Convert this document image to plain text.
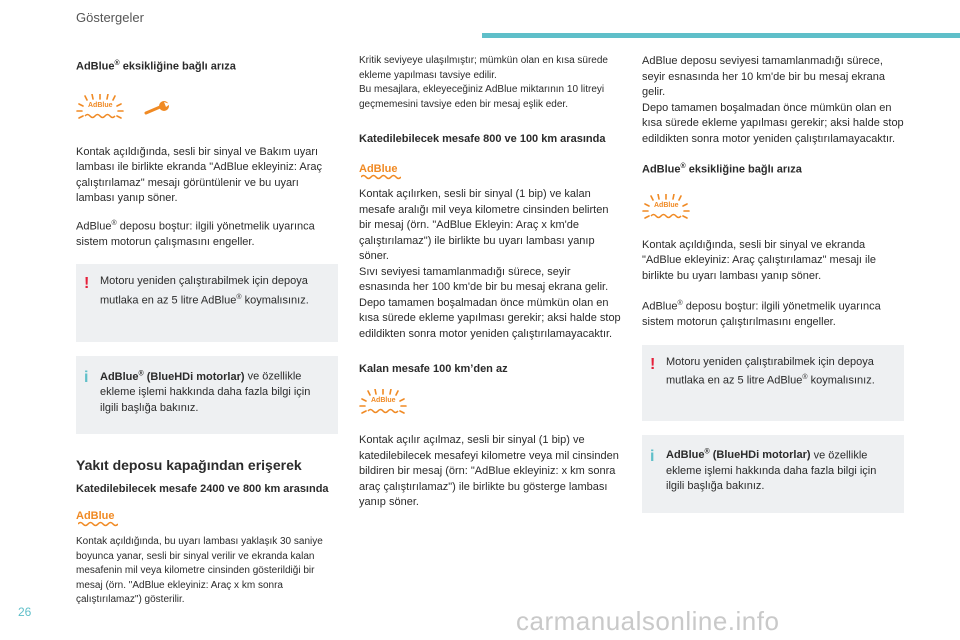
Göstergeler
AdBlue® eksikliğine bağlı arıza
AdBlue

Kontak açıldığında, sesli bir sinyal ve Bakım uyarı lambası ile birlikte ekranda "AdBlue ekleyiniz: Araç çalıştırılamaz" mesajı görüntülenir ve bu uyarı lambası yanıp söner.

AdBlue® deposu boştur: ilgili yönetmelik uyarınca sistem motorun çalışmasını engeller.

! Motoru yeniden çalıştırabilmek için depoya mutlaka en az 5 litre AdBlue® koymalısınız.

i AdBlue® (BlueHDi motorlar) ve özellikle ekleme işlemi hakkında daha fazla bilgi için ilgili başlığa bakınız.

Yakıt deposu kapağından erişerek
Katedilebilecek mesafe 2400 ve 800 km arasında
AdBlue

Kontak açıldığında, bu uyarı lambası yaklaşık 30 saniye boyunca yanar, sesli bir sinyal verilir ve ekranda kalan mesafenin mil veya kilometre cinsinden gösterildiği bir mesaj (örn. "AdBlue ekleyiniz: Araç x km sonra çalıştırılamaz") gösterilir.

Kritik seviyeye ulaşılmıştır; mümkün olan en kısa sürede ekleme yapılması tavsiye edilir.

Bu mesajlara, ekleyeceğiniz AdBlue miktarının 10 litreyi geçmemesini tavsiye eden bir mesaj eşlik eder.

Katedilebilecek mesafe 800 ve 100 km arasında
AdBlue

Kontak açılırken, sesli bir sinyal (1 bip) ve kalan mesafe aralığı mil veya kilometre cinsinden belirten bir mesaj (örn. "AdBlue Ekleyin: Araç x km'de çalıştırılamaz") ile birlikte bu uyarı lambası yanıp söner.

Sıvı seviyesi tamamlanmadığı sürece, seyir esnasında her 100 km'de bir bu mesaj ekrana gelir.

Depo tamamen boşalmadan önce mümkün olan en kısa sürede ekleme yapılması gerekir; aksi halde stop edildikten sonra motor yeniden çalıştırılamayacaktır.

Kalan mesafe 100 km’den az
AdBlue

Kontak açılır açılmaz, sesli bir sinyal (1 bip) ve katedilebilecek mesafeyi kilometre veya mil cinsinden bildiren bir mesaj (örn: "AdBlue ekleyiniz: x km sonra araç çalıştırılamaz") ile birlikte bu gösterge lambası yanıp söner.

AdBlue deposu seviyesi tamamlanmadığı sürece, seyir esnasında her 10 km'de bir bu mesaj ekrana gelir.

Depo tamamen boşalmadan önce mümkün olan en kısa sürede ekleme yapılması gerekir; aksi halde stop edildikten sonra motor yeniden çalıştırılamayacaktır.

AdBlue® eksikliğine bağlı arıza
AdBlue

Kontak açıldığında, sesli bir sinyal ve ekranda "AdBlue ekleyiniz: Araç çalıştırılamaz" mesajı ile birlikte bu uyarı lambası yanıp söner.

AdBlue® deposu boştur: ilgili yönetmelik uyarınca sistem motorun çalıştırılmasını engeller.

! Motoru yeniden çalıştırabilmek için depoya mutlaka en az 5 litre AdBlue® koymalısınız.

i AdBlue® (BlueHDi motorlar) ve özellikle ekleme işlemi hakkında daha fazla bilgi için ilgili başlığa bakınız.

26	carmanualsonline.info
